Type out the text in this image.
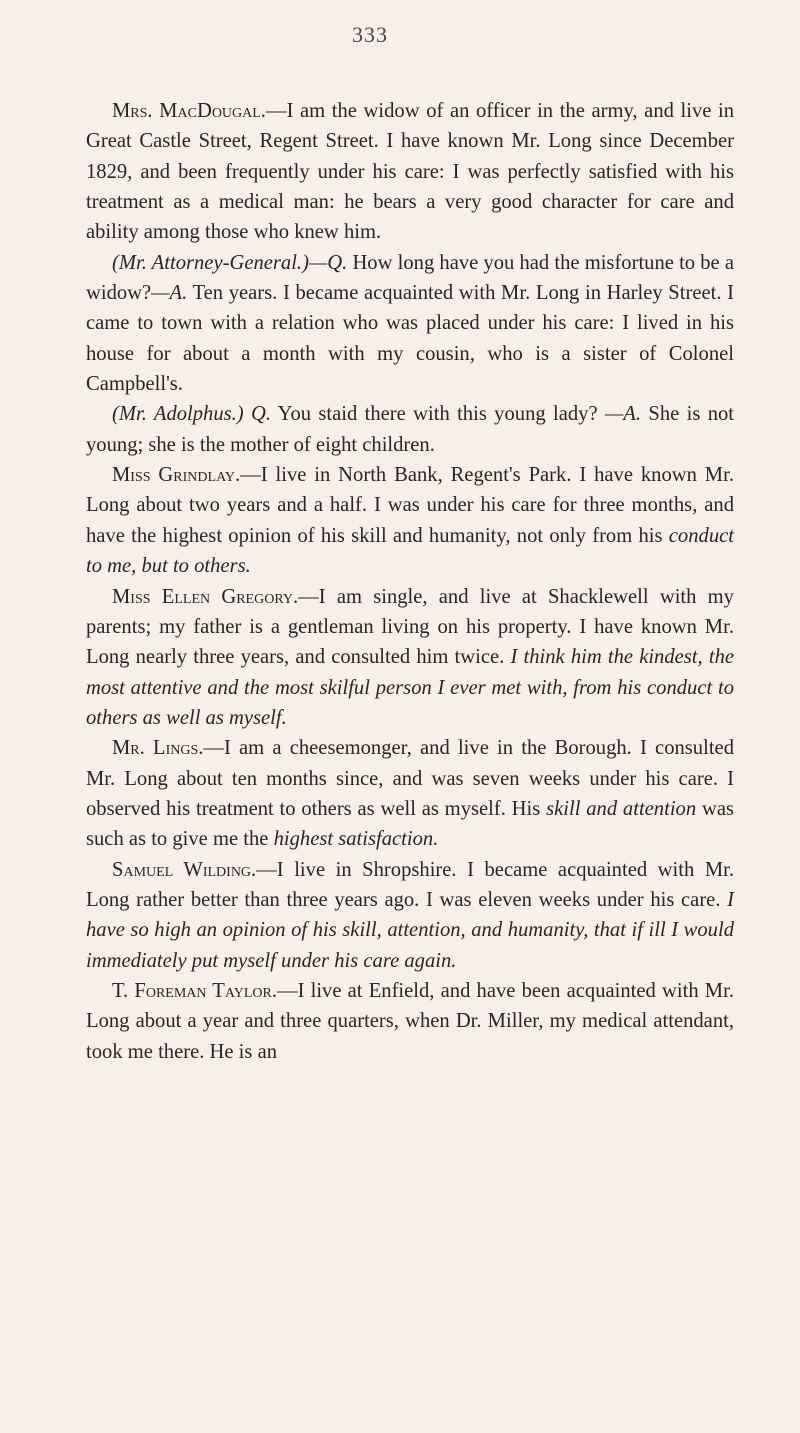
333

Mrs. MacDougal.—I am the widow of an officer in the army, and live in Great Castle Street, Regent Street. I have known Mr. Long since December 1829, and been frequently under his care: I was perfectly satisfied with his treatment as a medical man: he bears a very good character for care and ability among those who knew him.

(Mr. Attorney-General.)—Q. How long have you had the misfortune to be a widow?—A. Ten years. I became acquainted with Mr. Long in Harley Street. I came to town with a relation who was placed under his care: I lived in his house for about a month with my cousin, who is a sister of Colonel Campbell's.

(Mr. Adolphus.) Q. You staid there with this young lady? —A. She is not young; she is the mother of eight children.

Miss Grindlay.—I live in North Bank, Regent's Park. I have known Mr. Long about two years and a half. I was under his care for three months, and have the highest opinion of his skill and humanity, not only from his conduct to me, but to others.

Miss Ellen Gregory.—I am single, and live at Shacklewell with my parents; my father is a gentleman living on his property. I have known Mr. Long nearly three years, and consulted him twice. I think him the kindest, the most attentive and the most skilful person I ever met with, from his conduct to others as well as myself.

Mr. Lings.—I am a cheesemonger, and live in the Borough. I consulted Mr. Long about ten months since, and was seven weeks under his care. I observed his treatment to others as well as myself. His skill and attention was such as to give me the highest satisfaction.

Samuel Wilding.—I live in Shropshire. I became acquainted with Mr. Long rather better than three years ago. I was eleven weeks under his care. I have so high an opinion of his skill, attention, and humanity, that if ill I would immediately put myself under his care again.

T. Foreman Taylor.—I live at Enfield, and have been acquainted with Mr. Long about a year and three quarters, when Dr. Miller, my medical attendant, took me there. He is an
